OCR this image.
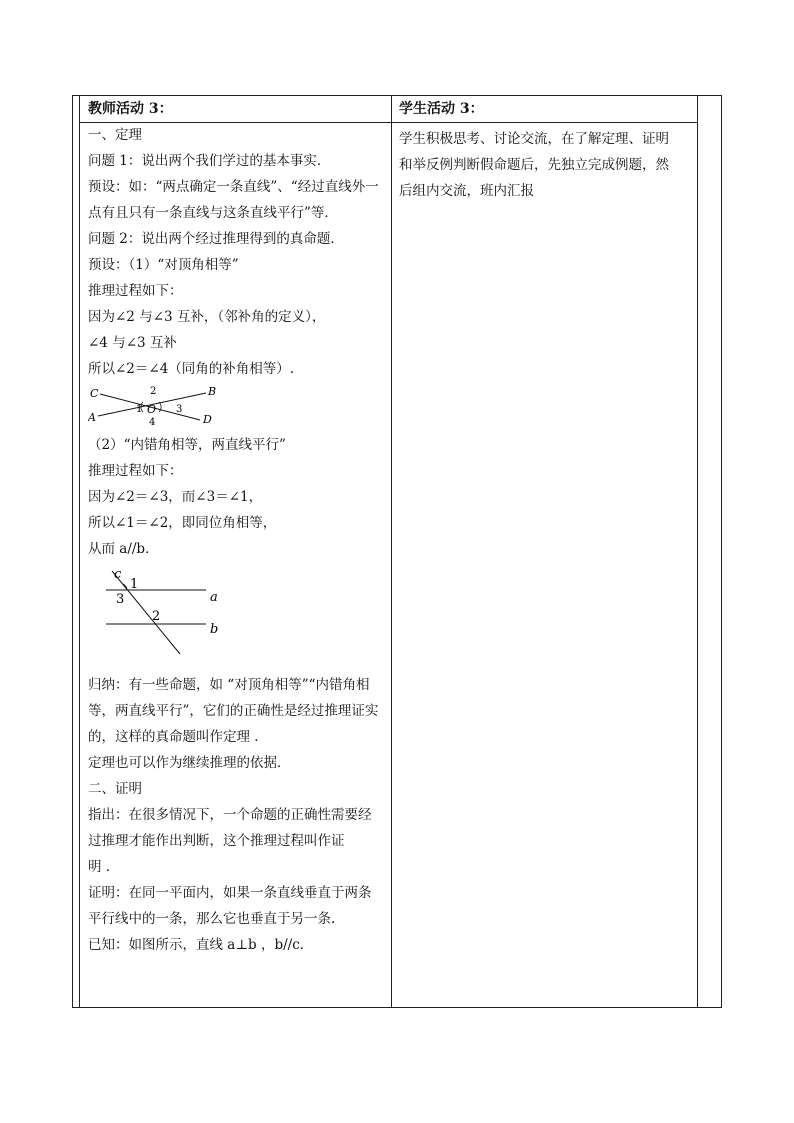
教师活动 3：
一、定理
问题 1：说出两个我们学过的基本事实．
预设：如：“两点确定一条直线”、“经过直线外一
点有且只有一条直线与这条直线平行”等．
问题 2：说出两个经过推理得到的真命题．
预设：（1）“对顶角相等”
推理过程如下：
因为∠2 与∠3 互补，（邻补角的定义），
∠4 与∠3 互补
所以∠2＝∠4（同角的补角相等）.
C	B
A	D
O
1
2
3
4
（2）“内错角相等，两直线平行”
推理过程如下：
因为∠2＝∠3，而∠3＝∠1，
所以∠1＝∠2，即同位角相等，
从而 a//b．
c
1
3
2
a
b
归纳：有一些命题，如 “对顶角相等”“内错角相
等，两直线平行”，它们的正确性是经过推理证实
的，这样的真命题叫作定理 ．
定理也可以作为继续推理的依据．
二、证明
指出：在很多情况下，一个命题的正确性需要经
过推理才能作出判断，这个推理过程叫作证
明 ．
证明：在同一平面内，如果一条直线垂直于两条
平行线中的一条，那么它也垂直于另一条.
已知：如图所示，直线 a⊥b ，b//c．
学生活动 3：
学生积极思考、讨论交流，在了解定理、证明
和举反例判断假命题后，先独立完成例题，然
后组内交流，班内汇报
